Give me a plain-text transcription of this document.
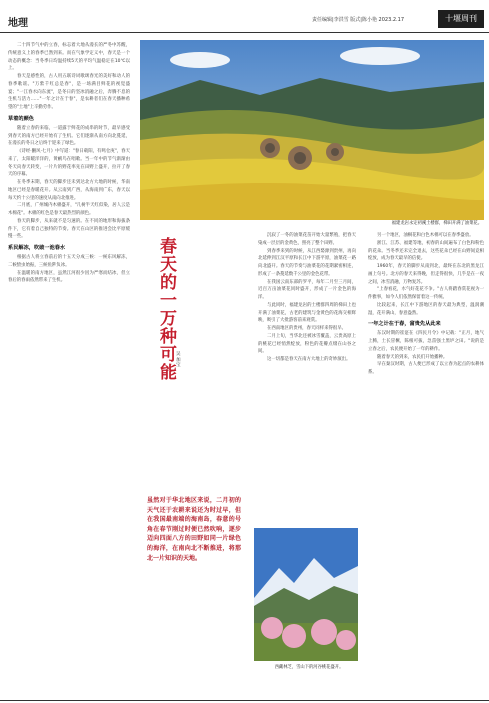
地理	责任编辑|李洪雪 版式|陈小艳 2023.2.17	十堰周刊

二十四节气中的立春，标志着大地从漫长的严冬中苏醒，传统意义上的春季已然到来。而在气象学定义中，春天是一个动态的概念：当冬季日均温持续5天的平均气温稳定在10℃以上。

春天是感性的，古人用五联诗词歌颂春光的美好和动人的春季歌谣。"万紫千红总是春"，是一场满目鲜花的视觉盛宴；"一江春水向东流"，是冬日的坚冰消融之后，奔腾不息的生机与活力……"一年之计在于春"，是农耕者们在春天播种希望的"土地"上辛勤劳作。

草着的颜色

随着立春的来临，一道露于鲜花的成串的时节，最早感受到春天的南方已经开始有了生机。它们逐渐从南方向北蔓延，在漫长的冬日之后终于迎来了绿色。

《诗经·豳风·七月》中写道："春日载阳，有鸣仓庚"，春天来了，太阳暖洋洋的，黄鹂鸟在唱歌。当一年中的节气渐渐由冬天向春天转变，一片片的野花率先在田野上盛开，拉开了春天的序幕。

在冬季末期，春天的脚步还未到达北方大地的时候，华南地区已经是春暖花开。从云南到广西，从海南到广东，春天以每天约十公里的速度从南向北推进。

二月底，广州城内木棉盛开，"几树半天红似染，居人云是木棉花"。木棉的红色是春天最热烈的颜色。

春天的脚步，从来就不是匀速的。在不同的地形和海拔条件下，它有着自己独特的节奏。春天在山区的推进会比平原缓慢一些。

系民解冻，吹破一池春水

根据古人将立春前后的十五天分成三候：一候东风解冻，二候蛰虫始振，三候鱼陟负冰。

在温暖的南方地区，虽然江河很少因为严寒而结冰，但立春后的春雨依然带来了生机。

福建龙岩永定初溪土楼群，梯田开满了油菜花。
春天的一万种可能
吴加宝

沉寂了一冬的油菜花苗开始大量繁殖，把春天染成一层层的金黄色，照亮了整个田野。

到春季来到的时候，从江西婺源到贵州，再向北延伸到江汉平原和长江中下游平原，油菜花一路向北盛开。春天的节奏与油菜花的花期紧密相连，形成了一条蔓延数千公里的金色花带。

在我国云南东部的罗平，每年二月至三月间，近百万亩油菜花同时盛开，形成了一片金色的海洋。

与此同时，福建龙岩的土楼群四周的梯田上也开满了油菜花，古老的建筑与金黄色的花海交相辉映，吸引了大批游客前来观赏。

在西南地区的贵州，春天同样来得很早。

二月上旬，当华北还被冰雪覆盖，云贵高原上的桃花已经悄然绽放，粉色的花瓣点缀在山谷之间。

这一切都是春天在南方大地上的奇妙演出。

虽然对于华北地区来说，二月初的天气还于农耕来说还为时过早，但在我国最南端的海南岛，春意的号角在春节刚过时便已然吹响，逐步迈向四面八方的田野如同一片绿色的海洋，在南向北不断推进，将那北一片知识的天地。
西藏林芝，雪山下的河谷桃花盛开。

另一个地区，油桐花和白色木棉可以在春季盛放。

浙江、江苏、福建等地，初春的山间遍布了白色和粉色的花朵。当冬季还未完全退去，这些花朵已经在山野间竞相绽放，成为春天最早的信使。

1960年，春天的脚步从南到北，最终在东北的黑龙江画上句号。北方的春天来得晚，但走得很快，几乎是在一夜之间，冰雪消融，万物复苏。

"上春看花，水气好花花不争。"古人将踏春赏花视为一件雅事，如今人们依然保留着这一传统。

比较起来，长江中下游地区的春天最为典型，温润潮湿，花开满山，春意盎然。

一年之计在于春，富贵先从此来

东汉时期的崔寔在《四民月令》中记载："正月，地气上腾，土长冒橛，陈根可拔，急菑强土黑垆之田。"说的是立春之后，农民便开始了一年的耕作。

随着春天的到来，农民们开始播种。

早在秦汉时期，古人便已形成了以立春为起点的农耕体系。
